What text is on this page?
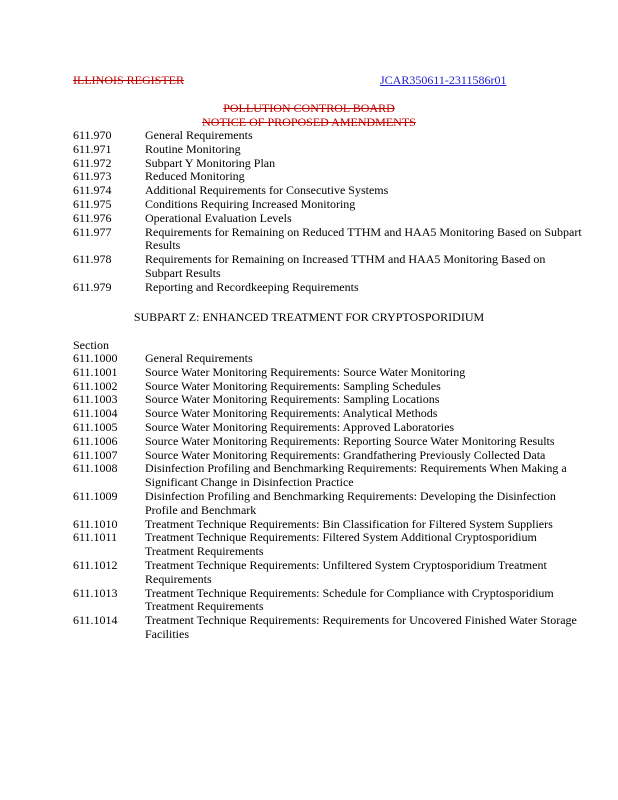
ILLINOIS REGISTER	JCAR350611-2311586r01
POLLUTION CONTROL BOARD
NOTICE OF PROPOSED AMENDMENTS
611.970	General Requirements
611.971	Routine Monitoring
611.972	Subpart Y Monitoring Plan
611.973	Reduced Monitoring
611.974	Additional Requirements for Consecutive Systems
611.975	Conditions Requiring Increased Monitoring
611.976	Operational Evaluation Levels
611.977	Requirements for Remaining on Reduced TTHM and HAA5 Monitoring Based on Subpart Results
611.978	Requirements for Remaining on Increased TTHM and HAA5 Monitoring Based on Subpart Results
611.979	Reporting and Recordkeeping Requirements
SUBPART Z: ENHANCED TREATMENT FOR CRYPTOSPORIDIUM
Section
611.1000	General Requirements
611.1001	Source Water Monitoring Requirements: Source Water Monitoring
611.1002	Source Water Monitoring Requirements: Sampling Schedules
611.1003	Source Water Monitoring Requirements: Sampling Locations
611.1004	Source Water Monitoring Requirements: Analytical Methods
611.1005	Source Water Monitoring Requirements: Approved Laboratories
611.1006	Source Water Monitoring Requirements: Reporting Source Water Monitoring Results
611.1007	Source Water Monitoring Requirements: Grandfathering Previously Collected Data
611.1008	Disinfection Profiling and Benchmarking Requirements: Requirements When Making a Significant Change in Disinfection Practice
611.1009	Disinfection Profiling and Benchmarking Requirements: Developing the Disinfection Profile and Benchmark
611.1010	Treatment Technique Requirements: Bin Classification for Filtered System Suppliers
611.1011	Treatment Technique Requirements: Filtered System Additional Cryptosporidium Treatment Requirements
611.1012	Treatment Technique Requirements: Unfiltered System Cryptosporidium Treatment Requirements
611.1013	Treatment Technique Requirements: Schedule for Compliance with Cryptosporidium Treatment Requirements
611.1014	Treatment Technique Requirements: Requirements for Uncovered Finished Water Storage Facilities
